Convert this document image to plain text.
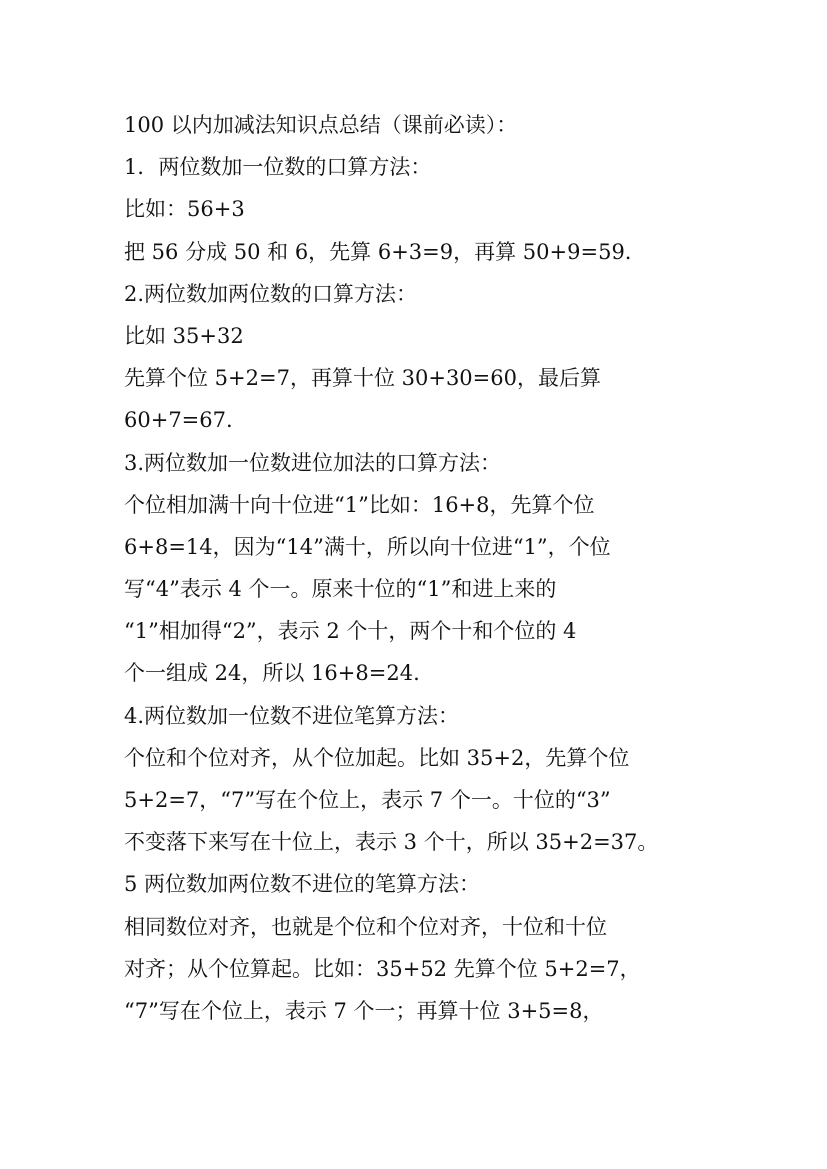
100 以内加减法知识点总结（课前必读）：
1．两位数加一位数的口算方法：
比如：56+3
把 56 分成 50 和 6，先算 6+3=9，再算 50+9=59.
2.两位数加两位数的口算方法：
比如 35+32
先算个位 5+2=7，再算十位 30+30=60，最后算
60+7=67.
3.两位数加一位数进位加法的口算方法：
个位相加满十向十位进“1”比如：16+8，先算个位
6+8=14，因为“14”满十，所以向十位进“1”，个位
写“4”表示 4 个一。原来十位的“1”和进上来的
“1”相加得“2”，表示 2 个十，两个十和个位的 4
个一组成 24，所以 16+8=24.
4.两位数加一位数不进位笔算方法：
个位和个位对齐，从个位加起。比如 35+2，先算个位
5+2=7，“7”写在个位上，表示 7 个一。十位的“3”
不变落下来写在十位上，表示 3 个十，所以 35+2=37。
5 两位数加两位数不进位的笔算方法：
相同数位对齐，也就是个位和个位对齐，十位和十位
对齐；从个位算起。比如：35+52 先算个位 5+2=7，
“7”写在个位上，表示 7 个一；再算十位 3+5=8，
